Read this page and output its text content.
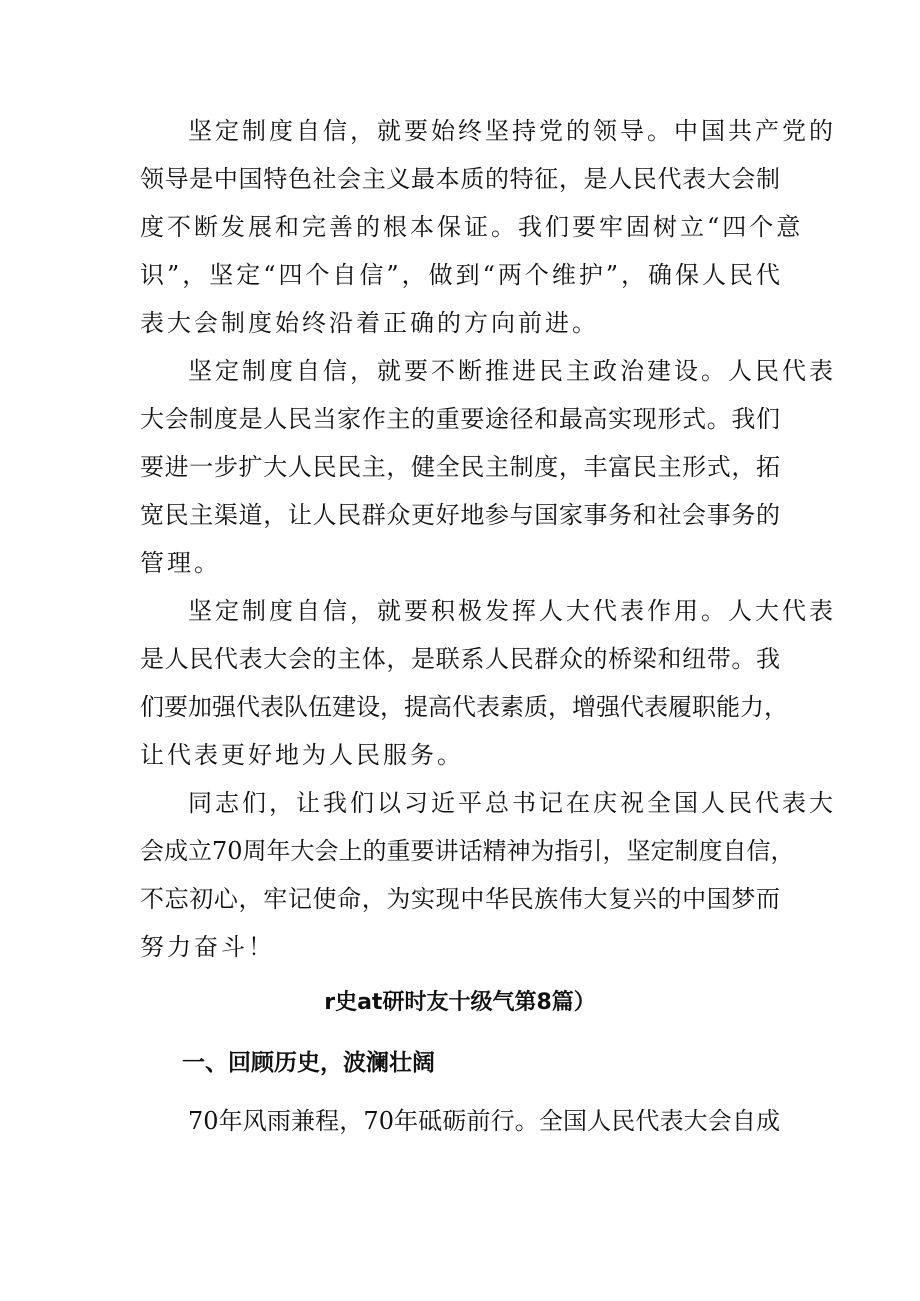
坚定制度自信，就要始终坚持党的领导。中国共产党的

领导是中国特色社会主义最本质的特征，是人民代表大会制

度不断发展和完善的根本保证。我们要牢固树立“四个意

识”，坚定“四个自信”，做到“两个维护”，确保人民代

表大会制度始终沿着正确的方向前进。

坚定制度自信，就要不断推进民主政治建设。人民代表

大会制度是人民当家作主的重要途径和最高实现形式。我们

要进一步扩大人民民主，健全民主制度，丰富民主形式，拓

宽民主渠道，让人民群众更好地参与国家事务和社会事务的

管理。

坚定制度自信，就要积极发挥人大代表作用。人大代表

是人民代表大会的主体，是联系人民群众的桥梁和纽带。我

们要加强代表队伍建设，提高代表素质，增强代表履职能力，

让代表更好地为人民服务。

同志们，让我们以习近平总书记在庆祝全国人民代表大

会成立70周年大会上的重要讲话精神为指引，坚定制度自信，

不忘初心，牢记使命，为实现中华民族伟大复兴的中国梦而

努力奋斗！

r史at研时友十级气第8篇）
一、回顾历史，波澜壮阔

70年风雨兼程，70年砥砺前行。全国人民代表大会自成
